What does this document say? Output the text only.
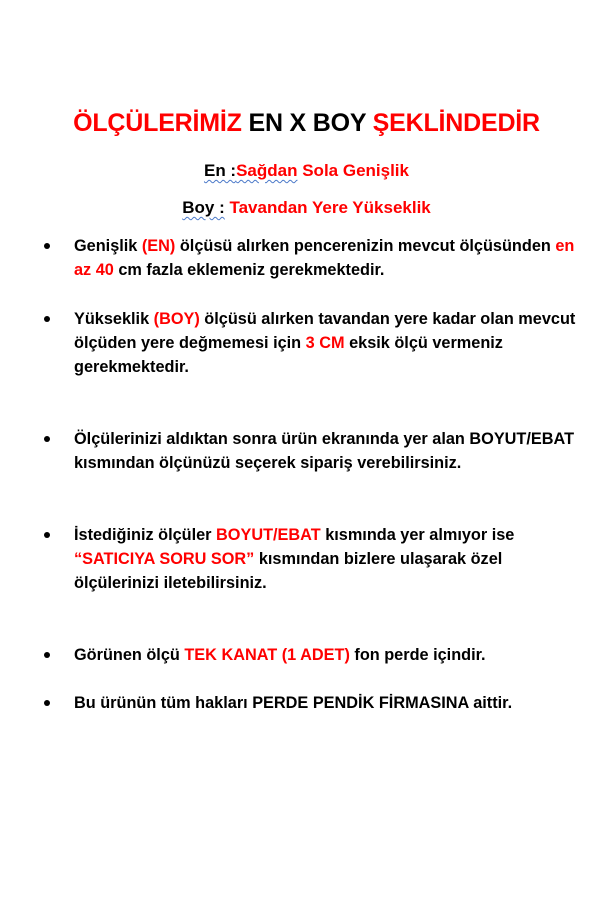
ÖLÇÜLERİMİZ EN X BOY ŞEKLİNDEDİR
En :Sağdan Sola Genişlik
Boy : Tavandan Yere Yükseklik
Genişlik (EN) ölçüsü alırken pencerenizin mevcut ölçüsünden en az 40 cm fazla eklemeniz gerekmektedir.
Yükseklik (BOY) ölçüsü alırken tavandan yere kadar olan mevcut ölçüden yere değmemesi için 3 CM eksik ölçü vermeniz gerekmektedir.
Ölçülerinizi aldıktan sonra ürün ekranında yer alan BOYUT/EBAT kısmından ölçünüzü seçerek sipariş verebilirsiniz.
İstediğiniz ölçüler BOYUT/EBAT kısmında yer almıyor ise “SATICIYA SORU SOR” kısmından bizlere ulaşarak özel ölçülerinizi iletebilirsiniz.
Görünen ölçü TEK KANAT (1 ADET) fon perde içindir.
Bu ürünün tüm hakları PERDE PENDİK FİRMASINA aittir.
